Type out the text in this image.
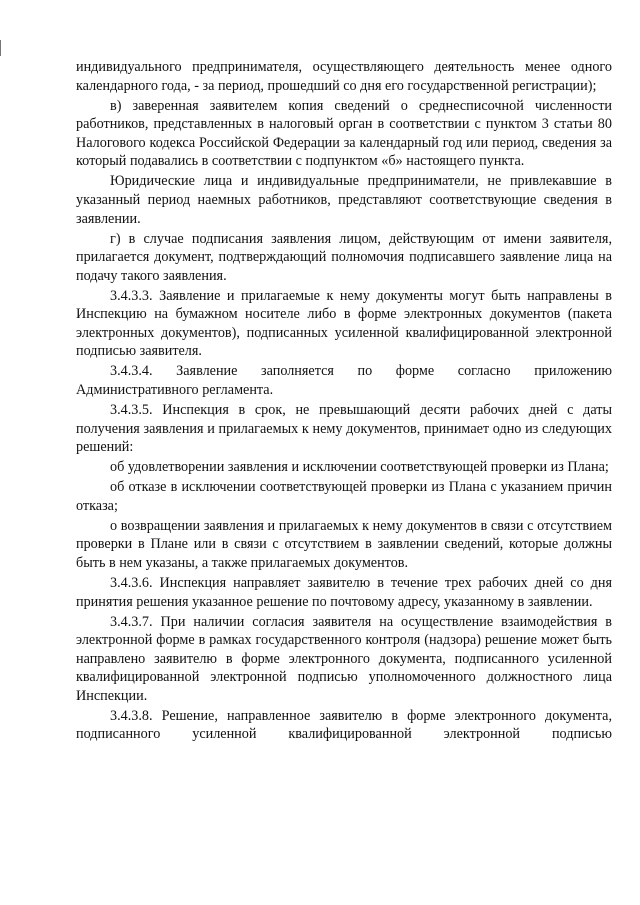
индивидуального предпринимателя, осуществляющего деятельность менее одного календарного года, - за период, прошедший со дня его государственной регистрации);

в) заверенная заявителем копия сведений о среднесписочной численности работников, представленных в налоговый орган в соответствии с пунктом 3 статьи 80 Налогового кодекса Российской Федерации за календарный год или период, сведения за который подавались в соответствии с подпунктом «б» настоящего пункта.

Юридические лица и индивидуальные предприниматели, не привлекавшие в указанный период наемных работников, представляют соответствующие сведения в заявлении.

г) в случае подписания заявления лицом, действующим от имени заявителя, прилагается документ, подтверждающий полномочия подписавшего заявление лица на подачу такого заявления.

3.4.3.3. Заявление и прилагаемые к нему документы могут быть направлены в Инспекцию на бумажном носителе либо в форме электронных документов (пакета электронных документов), подписанных усиленной квалифицированной электронной подписью заявителя.

3.4.3.4. Заявление заполняется по форме согласно приложению Административного регламента.

3.4.3.5. Инспекция в срок, не превышающий десяти рабочих дней с даты получения заявления и прилагаемых к нему документов, принимает одно из следующих решений:

об удовлетворении заявления и исключении соответствующей проверки из Плана;

об отказе в исключении соответствующей проверки из Плана с указанием причин отказа;

о возвращении заявления и прилагаемых к нему документов в связи с отсутствием проверки в Плане или в связи с отсутствием в заявлении сведений, которые должны быть в нем указаны, а также прилагаемых документов.

3.4.3.6. Инспекция направляет заявителю в течение трех рабочих дней со дня принятия решения указанное решение по почтовому адресу, указанному в заявлении.

3.4.3.7. При наличии согласия заявителя на осуществление взаимодействия в электронной форме в рамках государственного контроля (надзора) решение может быть направлено заявителю в форме электронного документа, подписанного усиленной квалифицированной электронной подписью уполномоченного должностного лица Инспекции.

3.4.3.8. Решение, направленное заявителю в форме электронного документа, подписанного усиленной квалифицированной электронной подписью
